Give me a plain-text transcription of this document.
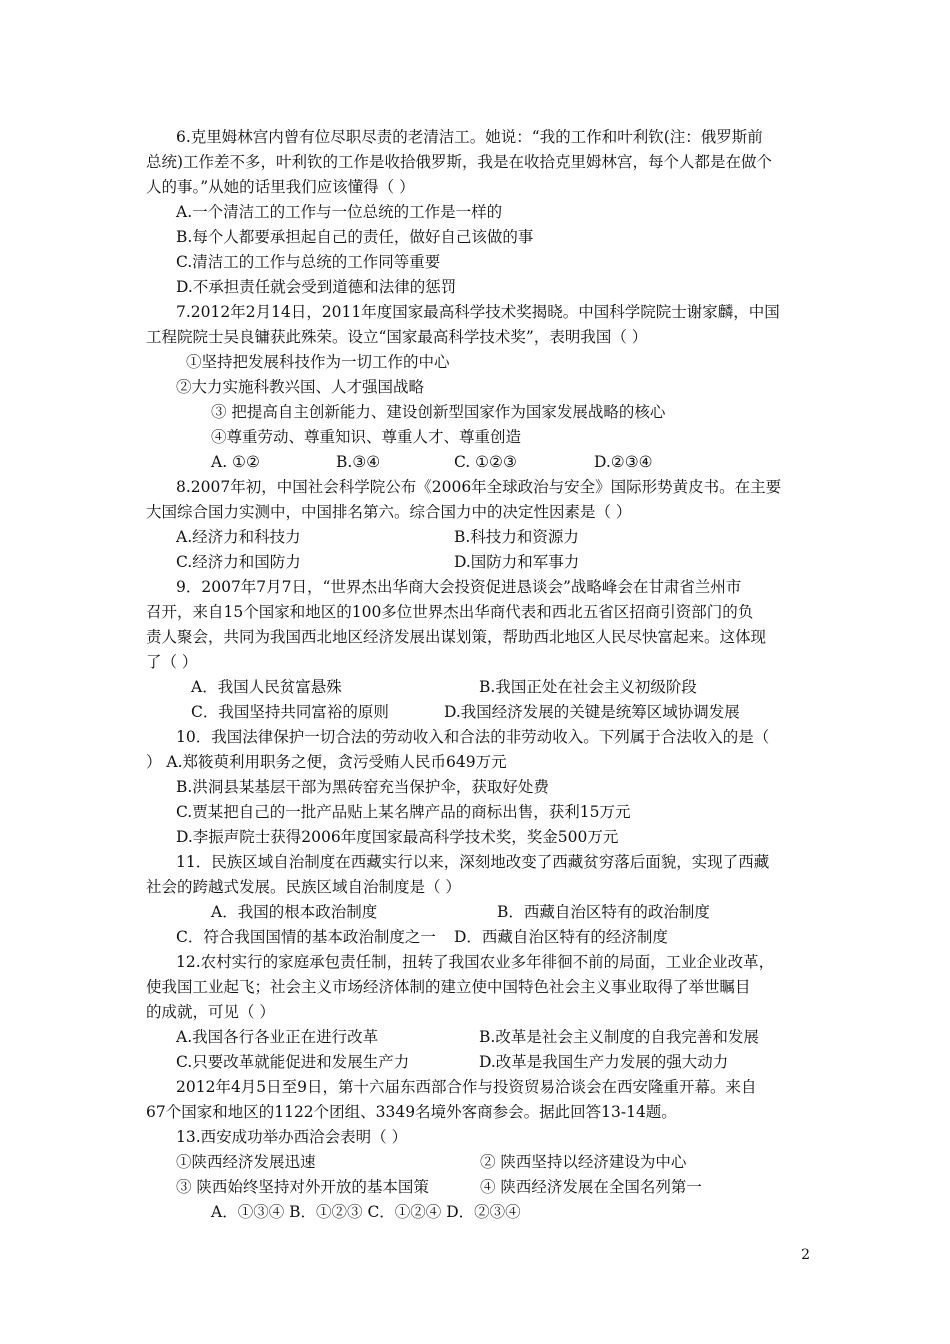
6.克里姆林宫内曾有位尽职尽责的老清洁工。她说：“我的工作和叶利钦(注：俄罗斯前
总统)工作差不多，叶利钦的工作是收拾俄罗斯，我是在收拾克里姆林宫，每个人都是在做个
人的事。”从她的话里我们应该懂得（ ）
A.一个清洁工的工作与一位总统的工作是一样的
B.每个人都要承担起自己的责任，做好自己该做的事
C.清洁工的工作与总统的工作同等重要
D.不承担责任就会受到道德和法律的惩罚
7.2012年2月14日，2011年度国家最高科学技术奖揭晓。中国科学院院士谢家麟，中国
工程院院士吴良镛获此殊荣。设立“国家最高科学技术奖”，表明我国（ ）
①坚持把发展科技作为一切工作的中心
②大力实施科教兴国、人才强国战略
③ 把提高自主创新能力、建设创新型国家作为国家发展战略的核心
④尊重劳动、尊重知识、尊重人才、尊重创造
A. ①②	B.③④	C. ①②③	D.②③④
8.2007年初，中国社会科学院公布《2006年全球政治与安全》国际形势黄皮书。在主要
大国综合国力实测中，中国排名第六。综合国力中的决定性因素是（ ）
A.经济力和科技力	B.科技力和资源力
C.经济力和国防力	D.国防力和军事力
9．2007年7月7日，“世界杰出华商大会投资促进恳谈会”战略峰会在甘肃省兰州市
召开，来自15个国家和地区的100多位世界杰出华商代表和西北五省区招商引资部门的负
责人聚会，共同为我国西北地区经济发展出谋划策，帮助西北地区人民尽快富起来。这体现
了（ ）
A．我国人民贫富悬殊	B.我国正处在社会主义初级阶段
C．我国坚持共同富裕的原则	D.我国经济发展的关键是统筹区域协调发展
10．我国法律保护一切合法的劳动收入和合法的非劳动收入。下列属于合法收入的是（
） A.郑筱萸利用职务之便，贪污受贿人民币649万元
B.洪洞县某基层干部为黑砖窑充当保护伞，获取好处费
C.贾某把自己的一批产品贴上某名牌产品的商标出售，获利15万元
D.李振声院士获得2006年度国家最高科学技术奖，奖金500万元
11．民族区域自治制度在西藏实行以来，深刻地改变了西藏贫穷落后面貌，实现了西藏
社会的跨越式发展。民族区域自治制度是（ ）
A．我国的根本政治制度	B．西藏自治区特有的政治制度
C．符合我国国情的基本政治制度之一 D．西藏自治区特有的经济制度
12.农村实行的家庭承包责任制，扭转了我国农业多年徘徊不前的局面，工业企业改革，
使我国工业起飞；社会主义市场经济体制的建立使中国特色社会主义事业取得了举世瞩目
的成就，可见（ ）
A.我国各行各业正在进行改革	B.改革是社会主义制度的自我完善和发展
C.只要改革就能促进和发展生产力	D.改革是我国生产力发展的强大动力
2012年4月5日至9日，第十六届东西部合作与投资贸易洽谈会在西安隆重开幕。来自
67个国家和地区的1122个团组、3349名境外客商参会。据此回答13-14题。
13.西安成功举办西洽会表明（ ）
①陕西经济发展迅速	② 陕西坚持以经济建设为中心
③ 陕西始终坚持对外开放的基本国策	④ 陕西经济发展在全国名列第一
A．①③④ B．①②③ C．①②④ D．②③④
2
